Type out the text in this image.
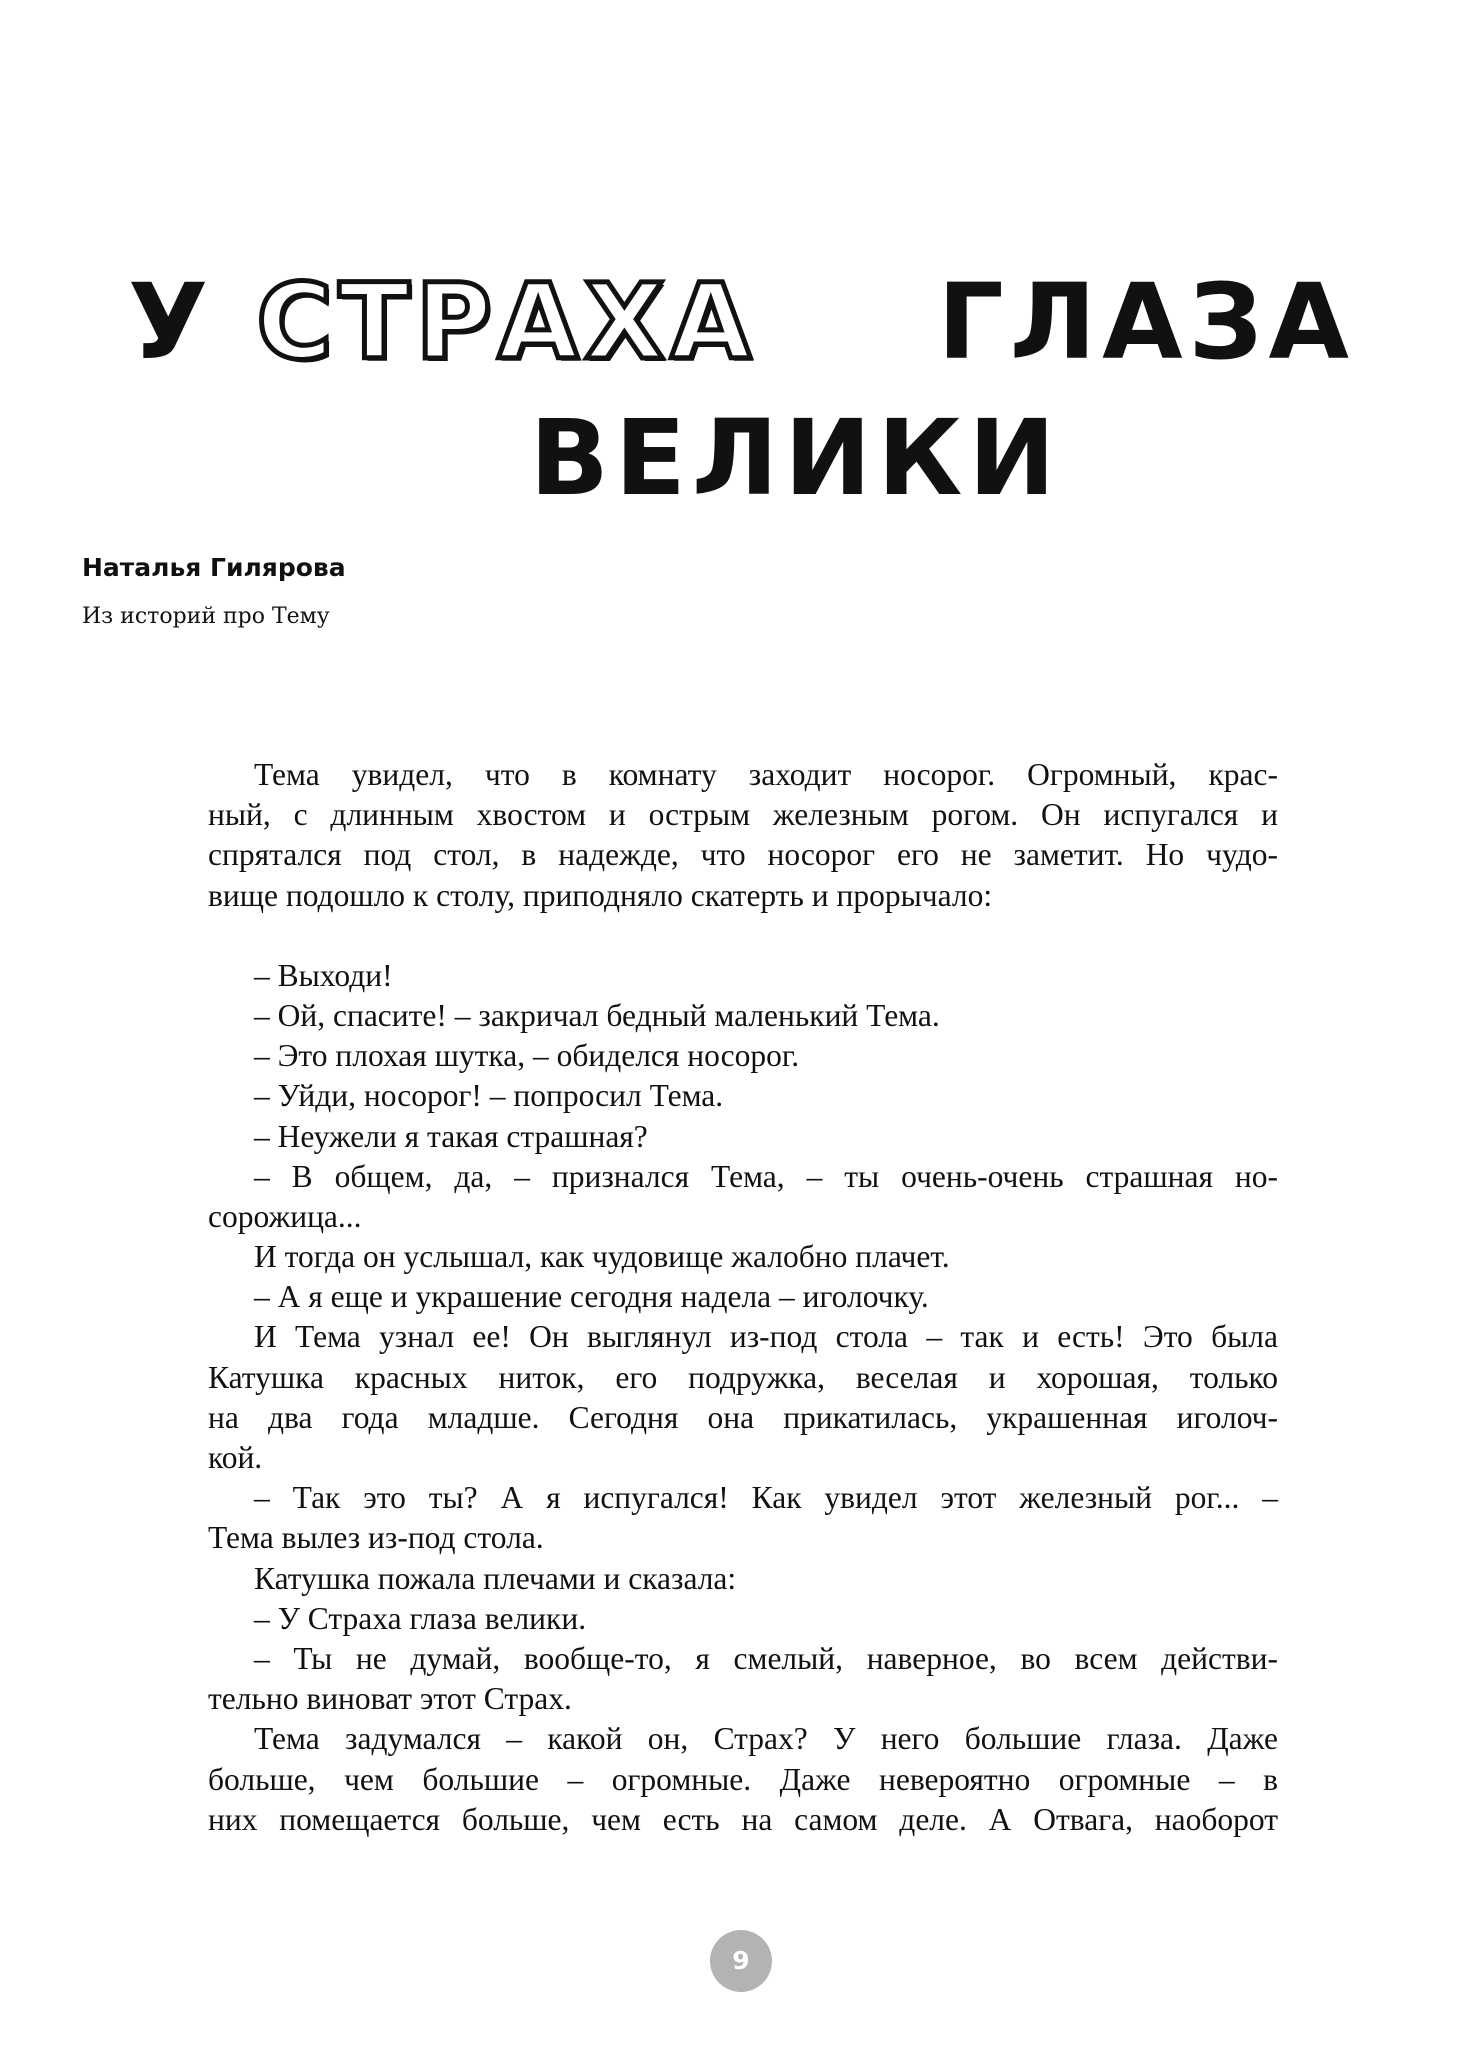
У СТРАХА ГЛАЗА
ВЕЛИКИ
Наталья Гилярова
Из историй про Тему
Тема увидел, что в комнату заходит носорог. Огромный, крас-
ный, с длинным хвостом и острым железным рогом. Он испугался и
спрятался под стол, в надежде, что носорог его не заметит. Но чудо-
вище подошло к столу, приподняло скатерть и прорычало:
– Выходи!
– Ой, спасите! – закричал бедный маленький Тема.
– Это плохая шутка, – обиделся носорог.
– Уйди, носорог! – попросил Тема.
– Неужели я такая страшная?
– В общем, да, – признался Тема, – ты очень-очень страшная но-
сорожица...
И тогда он услышал, как чудовище жалобно плачет.
– А я еще и украшение сегодня надела – иголочку.
И Тема узнал ее! Он выглянул из-под стола – так и есть! Это была
Катушка красных ниток, его подружка, веселая и хорошая, только
на два года младше. Сегодня она прикатилась, украшенная иголоч-
кой.
– Так это ты? А я испугался! Как увидел этот железный рог... –
Тема вылез из-под стола.
Катушка пожала плечами и сказала:
– У Страха глаза велики.
– Ты не думай, вообще-то, я смелый, наверное, во всем действи-
тельно виноват этот Страх.
Тема задумался – какой он, Страх? У него большие глаза. Даже
больше, чем большие – огромные. Даже невероятно огромные – в
них помещается больше, чем есть на самом деле. А Отвага, наоборот
9
